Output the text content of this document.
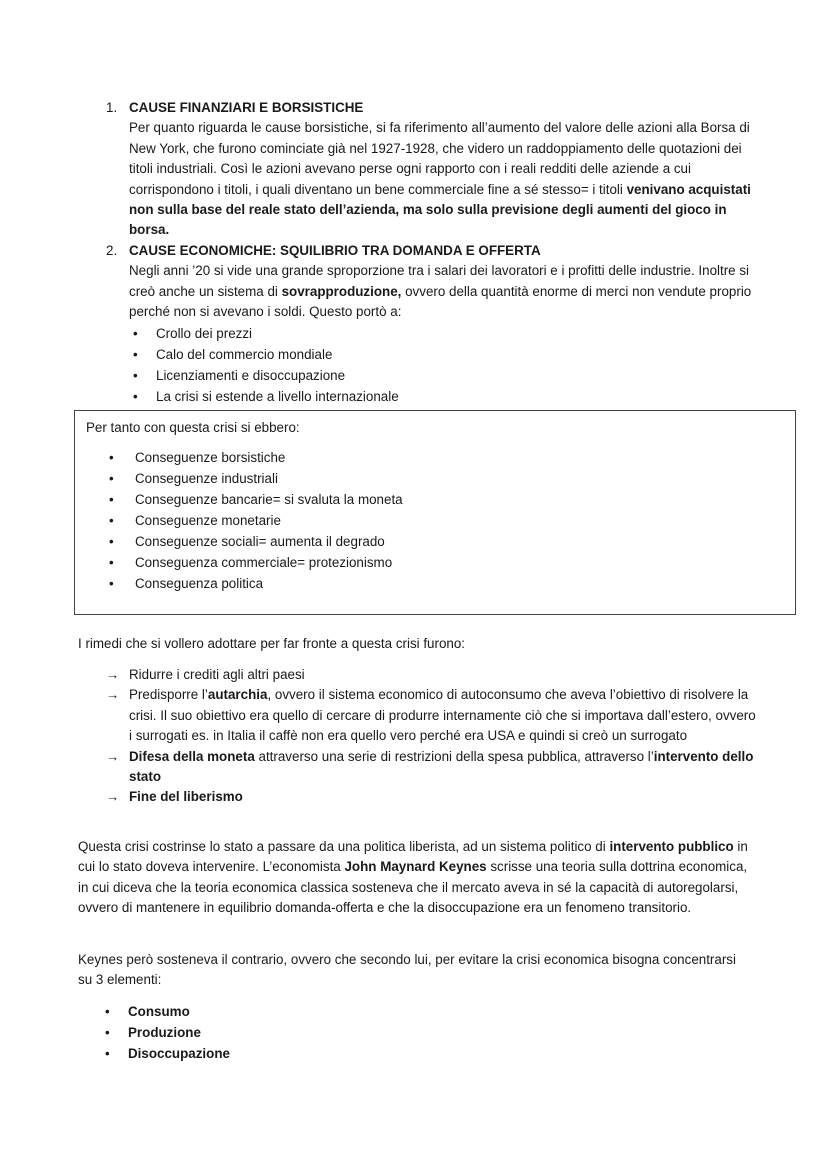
1. CAUSE FINANZIARI E BORSISTICHE

Per quanto riguarda le cause borsistiche, si fa riferimento all’aumento del valore delle azioni alla Borsa di New York, che furono cominciate già nel 1927-1928, che videro un raddoppiamento delle quotazioni dei titoli industriali. Così le azioni avevano perse ogni rapporto con i reali redditi delle aziende a cui corrispondono i titoli, i quali diventano un bene commerciale fine a sé stesso= i titoli venivano acquistati non sulla base del reale stato dell’azienda, ma solo sulla previsione degli aumenti del gioco in borsa.

2. CAUSE ECONOMICHE: SQUILIBRIO TRA DOMANDA E OFFERTA

Negli anni ’20 si vide una grande sproporzione tra i salari dei lavoratori e i profitti delle industrie. Inoltre si creò anche un sistema di sovrapproduzione, ovvero della quantità enorme di merci non vendute proprio perché non si avevano i soldi. Questo portò a:

• Crollo dei prezzi
• Calo del commercio mondiale
• Licenziamenti e disoccupazione
• La crisi si estende a livello internazionale

Per tanto con questa crisi si ebbero:

• Conseguenze borsistiche
• Conseguenze industriali
• Conseguenze bancarie= si svaluta la moneta
• Conseguenze monetarie
• Conseguenze sociali= aumenta il degrado
• Conseguenza commerciale= protezionismo
• Conseguenza politica

I rimedi che si vollero adottare per far fronte a questa crisi furono:

→ Ridurre i crediti agli altri paesi
→ Predisporre l’autarchia, ovvero il sistema economico di autoconsumo che aveva l’obiettivo di risolvere la crisi. Il suo obiettivo era quello di cercare di produrre internamente ciò che si importava dall’estero, ovvero i surrogati es. in Italia il caffè non era quello vero perché era USA e quindi si creò un surrogato
→ Difesa della moneta attraverso una serie di restrizioni della spesa pubblica, attraverso l’intervento dello stato
→ Fine del liberismo

Questa crisi costrinse lo stato a passare da una politica liberista, ad un sistema politico di intervento pubblico in cui lo stato doveva intervenire. L’economista John Maynard Keynes scrisse una teoria sulla dottrina economica, in cui diceva che la teoria economica classica sosteneva che il mercato aveva in sé la capacità di autoregolarsi, ovvero di mantenere in equilibrio domanda-offerta e che la disoccupazione era un fenomeno transitorio.

Keynes però sosteneva il contrario, ovvero che secondo lui, per evitare la crisi economica bisogna concentrarsi su 3 elementi:

• Consumo
• Produzione
• Disoccupazione
